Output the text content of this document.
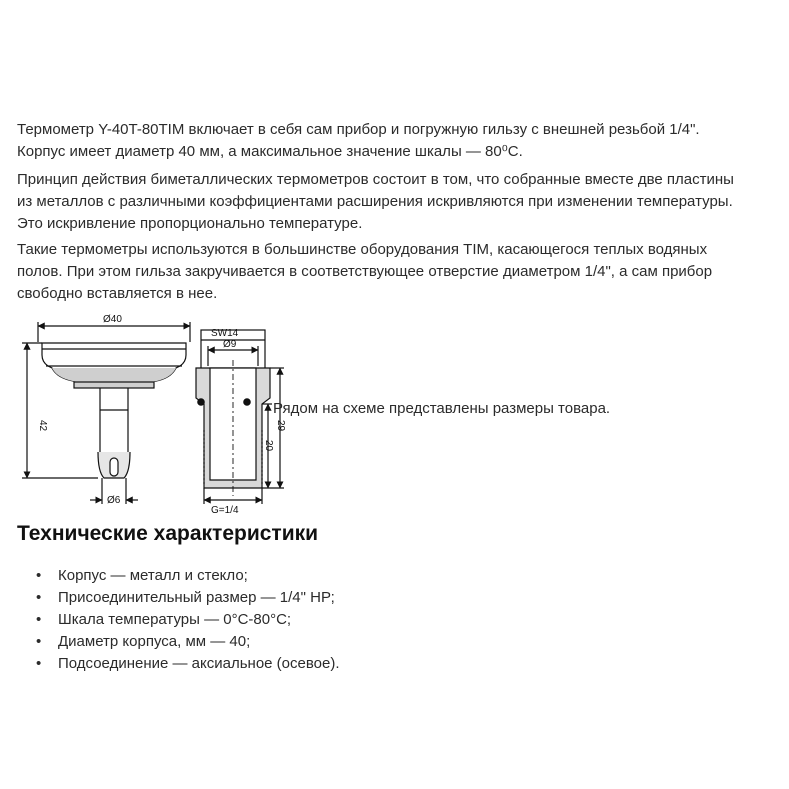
Термометр Y-40T-80TIM включает в себя сам прибор и погружную гильзу с внешней резьбой 1/4".
Корпус имеет диаметр 40 мм, а максимальное значение шкалы — 80⁰С.

Принцип действия биметаллических термометров состоит в том, что собранные вместе две пластины
из металлов с различными коэффициентами расширения искривляются при изменении температуры.
Это искривление пропорционально температуре.

Такие термометры используются в большинстве оборудования TIM, касающегося теплых водяных
полов. При этом гильза закручивается в соответствующее отверстие диаметром 1/4", а сам прибор
свободно вставляется в нее.

Ø40
Ø6
42
SW14
Ø9
G=1/4
20
29
Рядом на схеме представлены размеры товара.
Технические характеристики
• Корпус — металл и стекло;
• Присоединительный размер — 1/4" НР;
• Шкала температуры — 0°С-80°С;
• Диаметр корпуса, мм — 40;
• Подсоединение — аксиальное (осевое).
